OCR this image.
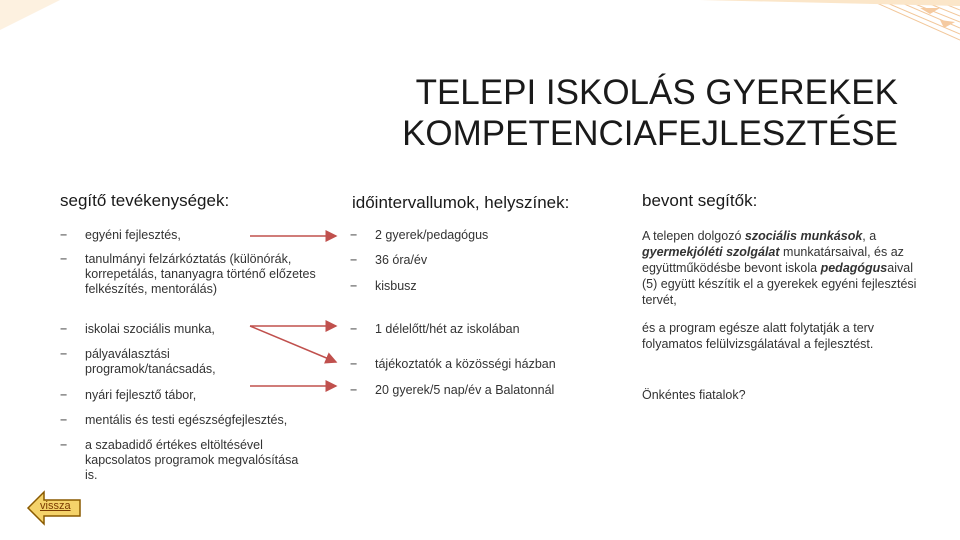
TELEPI ISKOLÁS GYEREKEK
KOMPETENCIAFEJLESZTÉSE
segítő tevékenységek:	időintervallumok, helyszínek:	bevont segítők:
− egyéni fejlesztés,
− tanulmányi felzárkóztatás (különórák, korrepetálás, tananyagra történő előzetes felkészítés, mentorálás)
− iskolai szociális munka,
− pályaválasztási programok/tanácsadás,
− nyári fejlesztő tábor,
− mentális és testi egészségfejlesztés,
− a szabadidő értékes eltöltésével kapcsolatos programok megvalósítása is.
− 2 gyerek/pedagógus
− 36 óra/év
− kisbusz
− 1 délelőtt/hét az iskolában
− tájékoztatók a közösségi házban
− 20 gyerek/5 nap/év a Balatonnál
A telepen dolgozó szociális munkások, a gyermekjóléti szolgálat munkatársaival, és az együttműködésbe bevont iskola pedagógusaival (5) együtt készítik el a gyerekek egyéni fejlesztési tervét,
és a program egésze alatt folytatják a terv folyamatos felülvizsgálatával a fejlesztést.
Önkéntes fiatalok?
vissza
